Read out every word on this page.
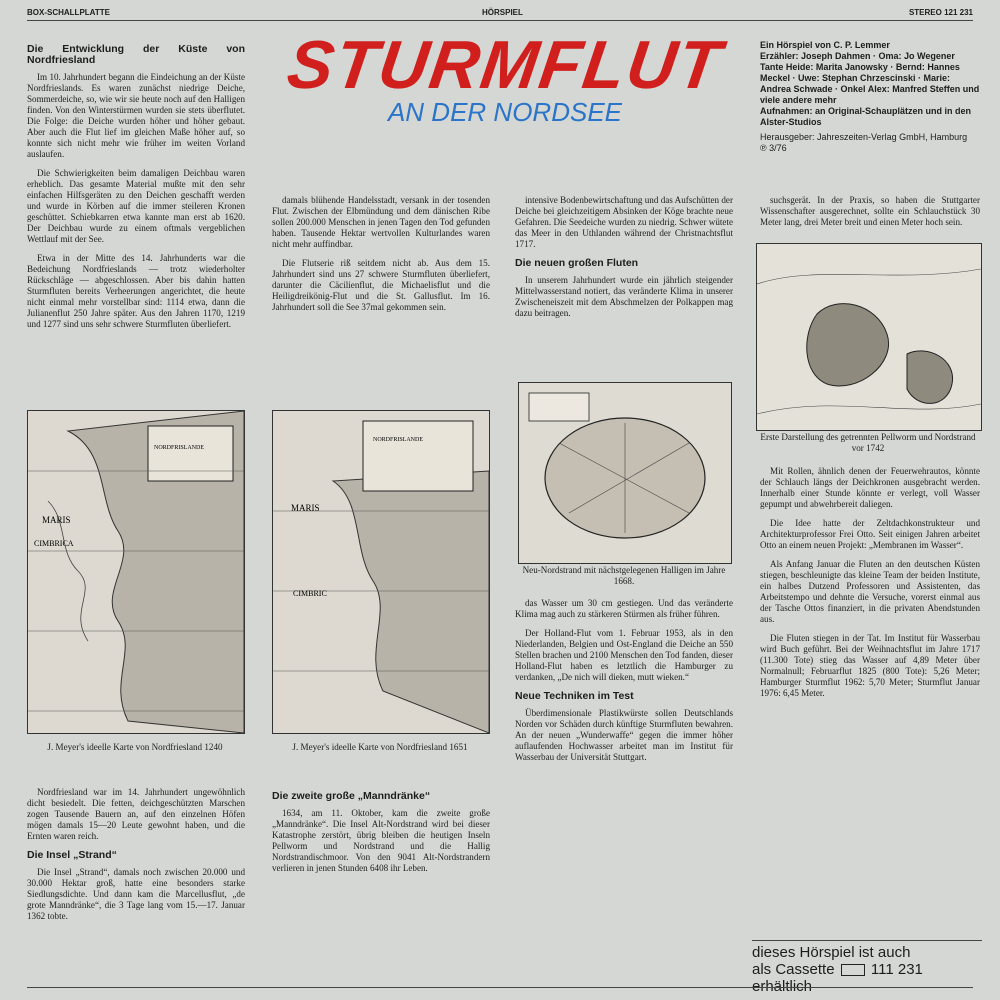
BOX-SCHALLPLATTE	HÖRSPIEL	STEREO 121 231
STURMFLUT
AN DER NORDSEE
Ein Hörspiel von C. P. Lemmer
Erzähler: Joseph Dahmen · Oma: Jo Wegener
Tante Heide: Marita Janowsky · Bernd: Hannes Meckel · Uwe: Stephan Chrzescinski · Marie: Andrea Schwade · Onkel Alex: Manfred Steffen und viele andere mehr
Aufnahmen: an Original-Schauplätzen und in den Alster-Studios
Herausgeber: Jahreszeiten-Verlag GmbH, Hamburg
℗ 3/76
Die Entwicklung der Küste von Nordfriesland

Im 10. Jahrhundert begann die Eindeichung an der Küste Nordfrieslands. Es waren zunächst niedrige Deiche, Sommerdeiche, so, wie wir sie heute noch auf den Halligen finden. Von den Winterstürmen wurden sie stets überflutet. Die Folge: die Deiche wurden höher und höher gebaut. Aber auch die Flut lief im gleichen Maße höher auf, so konnte sich nicht mehr wie früher im weiten Vorland auslaufen.

Die Schwierigkeiten beim damaligen Deichbau waren erheblich. Das gesamte Material mußte mit den sehr einfachen Hilfsgeräten zu den Deichen geschafft werden und wurde in Körben auf die immer steileren Kronen geschüttet. Schiebkarren etwa kannte man erst ab 1620. Der Deichbau wurde zu einem oftmals vergeblichen Wettlauf mit der See.

Etwa in der Mitte des 14. Jahrhunderts war die Bedeichung Nordfrieslands — trotz wiederholter Rückschläge — abgeschlossen. Aber bis dahin hatten Sturmfluten bereits Verheerungen angerichtet, die heute nicht einmal mehr vorstellbar sind: 1114 etwa, dann die Julianenflut 250 Jahre später. Aus den Jahren 1170, 1219 und 1277 sind uns sehr schwere Sturmfluten überliefert.

MARIS
CIMBRICA
NORDFRISLANDE
J. Meyer's ideelle Karte von Nordfriesland 1240

Nordfriesland war im 14. Jahrhundert ungewöhnlich dicht besiedelt. Die fetten, deichgeschützten Marschen zogen Tausende Bauern an, auf den einzelnen Höfen mögen damals 15—20 Leute gewohnt haben, und die Ernten waren reich.

Die Insel „Strand“

Die Insel „Strand“, damals noch zwischen 20.000 und 30.000 Hektar groß, hatte eine besonders starke Siedlungsdichte. Und dann kam die Marcellusflut, „de grote Manndränke“, die 3 Tage lang vom 15.—17. Januar 1362 tobte.

damals blühende Handelsstadt, versank in der tosenden Flut. Zwischen der Elbmündung und dem dänischen Ribe sollen 200.000 Menschen in jenen Tagen den Tod gefunden haben. Tausende Hektar wertvollen Kulturlandes waren nicht mehr auffindbar.

Die Flutserie riß seitdem nicht ab. Aus dem 15. Jahrhundert sind uns 27 schwere Sturmfluten überliefert, darunter die Cäcilienflut, die Michaelisflut und die Heiligdreikönig-Flut und die St. Gallusflut. Im 16. Jahrhundert soll die See 37mal gekommen sein.

MARIS
CIMBRIC
NORDFRISLANDE
J. Meyer's ideelle Karte von Nordfriesland 1651
Die zweite große „Manndränke“

1634, am 11. Oktober, kam die zweite große „Manndränke“. Die Insel Alt-Nordstrand wird bei dieser Katastrophe zerstört, übrig bleiben die heutigen Inseln Pellworm und Nordstrand und die Hallig Nordstrandischmoor. Von den 9041 Alt-Nordstrandern verlieren in jenen Stunden 6408 ihr Leben.

intensive Bodenbewirtschaftung und das Aufschütten der Deiche bei gleichzeitigem Absinken der Köge brachte neue Gefahren. Die Seedeiche wurden zu niedrig. Schwer wütete das Meer in den Uthlanden während der Christnachtsflut 1717.

Die neuen großen Fluten

In unserem Jahrhundert wurde ein jährlich steigender Mittelwasserstand notiert, das veränderte Klima in unserer Zwischeneiszeit mit dem Abschmelzen der Polkappen mag dazu beitragen.

Neu-Nordstrand mit nächstgelegenen Halligen im Jahre 1668.

das Wasser um 30 cm gestiegen. Und das veränderte Klima mag auch zu stärkeren Stürmen als früher führen.

Der Holland-Flut vom 1. Februar 1953, als in den Niederlanden, Belgien und Ost-England die Deiche an 550 Stellen brachen und 2100 Menschen den Tod fanden, dieser Holland-Flut haben es letztlich die Hamburger zu verdanken, „De nich will dieken, mutt wieken.“

Neue Techniken im Test

Überdimensionale Plastikwürste sollen Deutschlands Norden vor Schäden durch künftige Sturmfluten bewahren. An der neuen „Wunderwaffe“ gegen die immer höher auflaufenden Hochwasser arbeitet man im Institut für Wasserbau der Universität Stuttgart.

suchsgerät. In der Praxis, so haben die Stuttgarter Wissenschafter ausgerechnet, sollte ein Schlauchstück 30 Meter lang, drei Meter breit und einen Meter hoch sein.

Erste Darstellung des getrennten Pellworm und Nordstrand vor 1742

Mit Rollen, ähnlich denen der Feuerwehrautos, könnte der Schlauch längs der Deichkronen ausgebracht werden. Innerhalb einer Stunde könnte er verlegt, voll Wasser gepumpt und abwehrbereit daliegen.

Die Idee hatte der Zeltdachkonstrukteur und Architekturprofessor Frei Otto. Seit einigen Jahren arbeitet Otto an einem neuen Projekt: „Membranen im Wasser“.

Als Anfang Januar die Fluten an den deutschen Küsten stiegen, beschleunigte das kleine Team der beiden Institute, ein halbes Dutzend Professoren und Assistenten, das Arbeitstempo und dehnte die Versuche, vorerst einmal aus der Tasche Ottos finanziert, in die privaten Abendstunden aus.

Die Fluten stiegen in der Tat. Im Institut für Wasserbau wird Buch geführt. Bei der Weihnachtsflut im Jahre 1717 (11.300 Tote) stieg das Wasser auf 4,89 Meter über Normalnull; Februarflut 1825 (800 Tote): 5,26 Meter; Hamburger Sturmflut 1962: 5,70 Meter; Sturmflut Januar 1976: 6,45 Meter.

dieses Hörspiel ist auch
als Cassette 111 231
erhältlich
